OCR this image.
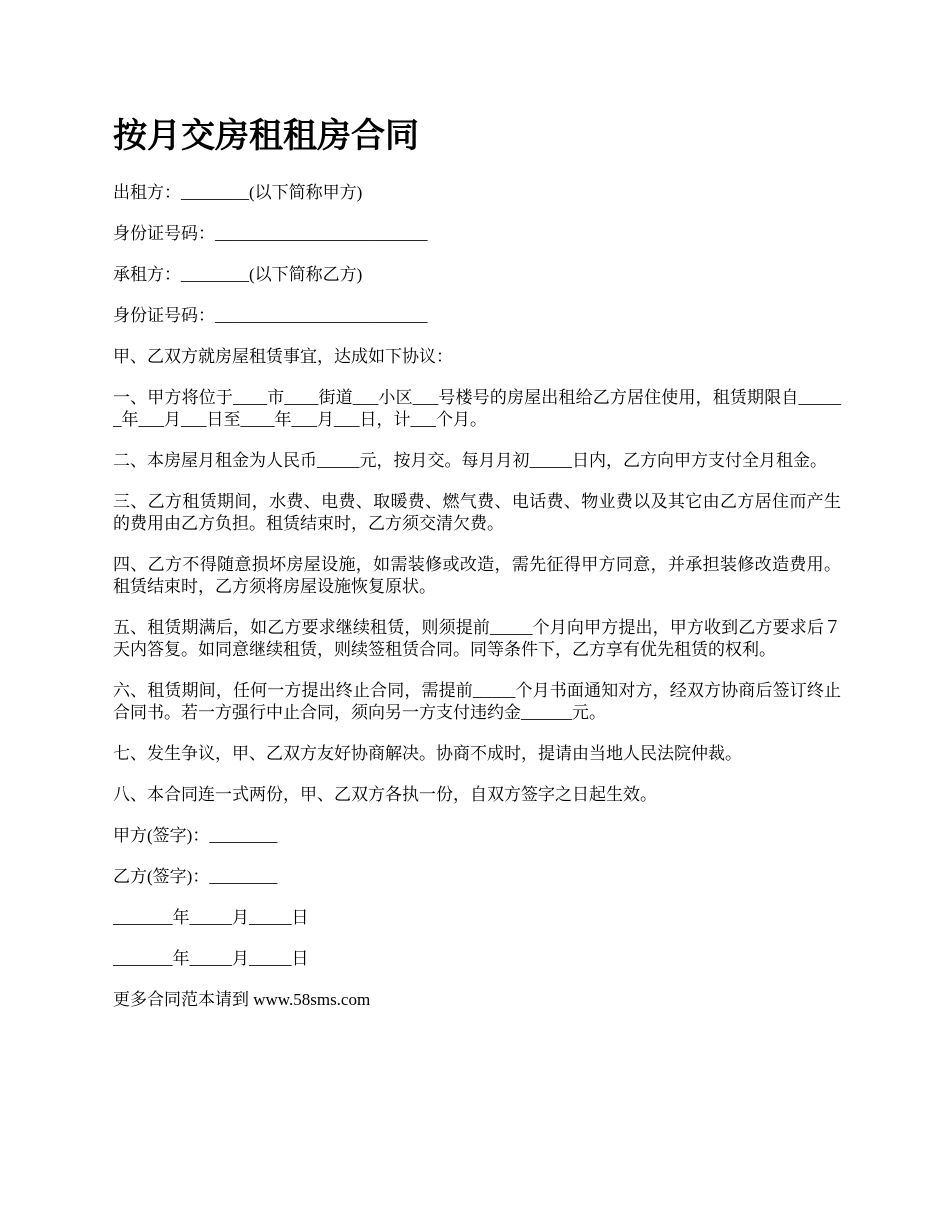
按月交房租租房合同

出租方：________(以下简称甲方)

身份证号码：_________________________

承租方：________(以下简称乙方)

身份证号码：_________________________

甲、乙双方就房屋租赁事宜，达成如下协议：

一、甲方将位于____市____街道___小区___号楼号的房屋出租给乙方居住使用，租赁期限自______年___月___日至____年___月___日，计___个月。

二、本房屋月租金为人民币_____元，按月交。每月月初_____日内，乙方向甲方支付全月租金。

三、乙方租赁期间，水费、电费、取暖费、燃气费、电话费、物业费以及其它由乙方居住而产生的费用由乙方负担。租赁结束时，乙方须交清欠费。

四、乙方不得随意损坏房屋设施，如需装修或改造，需先征得甲方同意，并承担装修改造费用。租赁结束时，乙方须将房屋设施恢复原状。

五、租赁期满后，如乙方要求继续租赁，则须提前_____个月向甲方提出，甲方收到乙方要求后７天内答复。如同意继续租赁，则续签租赁合同。同等条件下，乙方享有优先租赁的权利。

六、租赁期间，任何一方提出终止合同，需提前_____个月书面通知对方，经双方协商后签订终止合同书。若一方强行中止合同，须向另一方支付违约金______元。

七、发生争议，甲、乙双方友好协商解决。协商不成时，提请由当地人民法院仲裁。

八、本合同连一式两份，甲、乙双方各执一份，自双方签字之日起生效。

甲方(签字)：________

乙方(签字)：________

_______年_____月_____日

_______年_____月_____日

更多合同范本请到 www.58sms.com
